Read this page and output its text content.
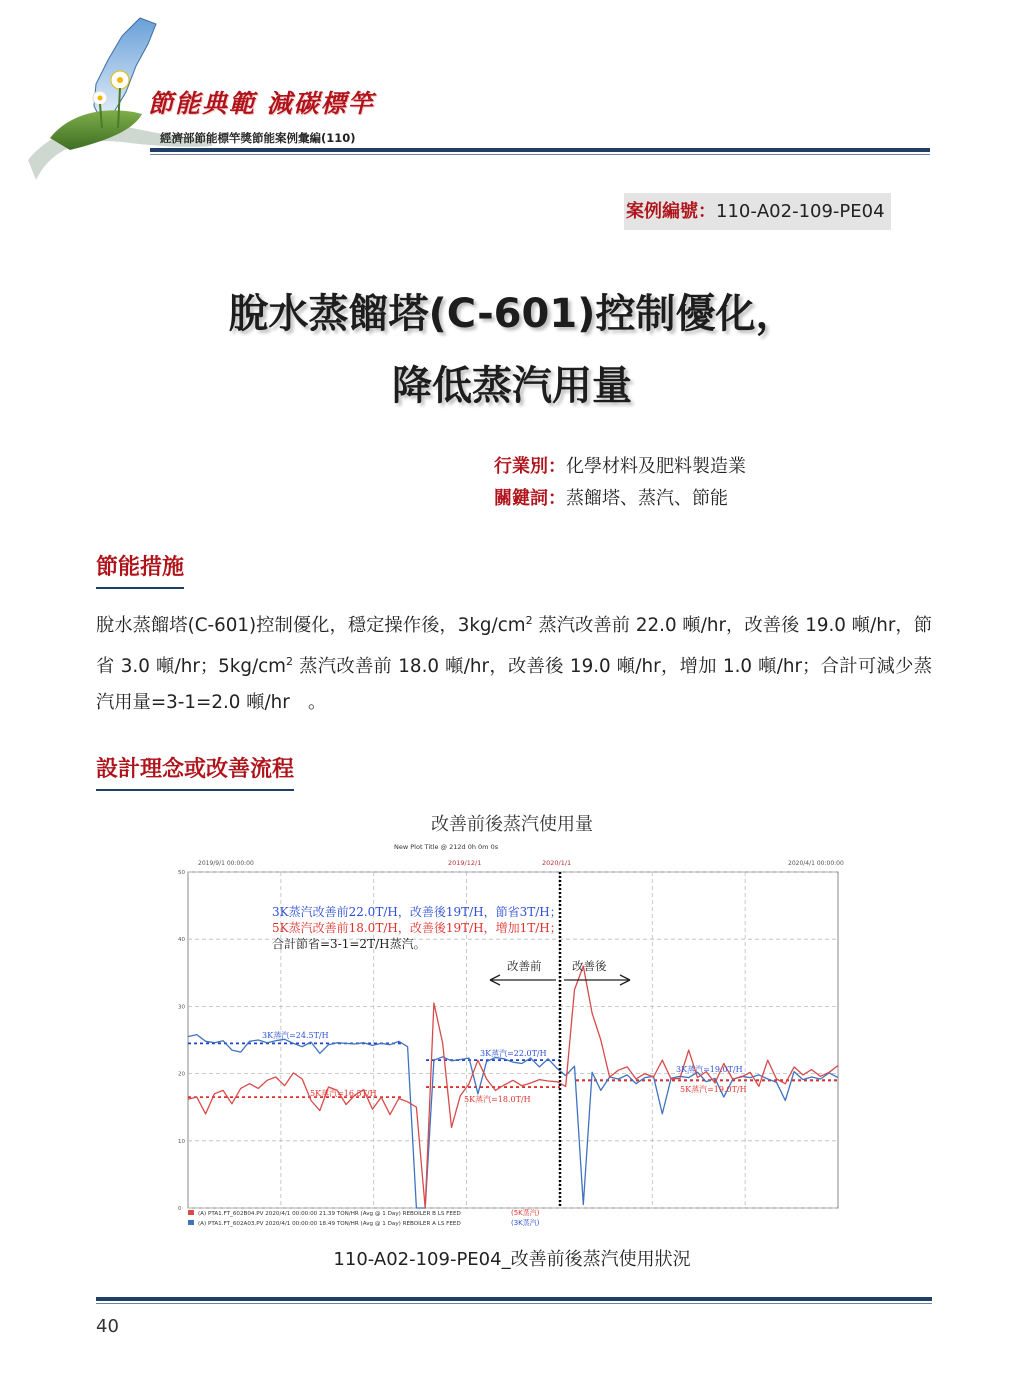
節能典範 減碳標竿
經濟部節能標竿獎節能案例彙編(110)
案例編號：110-A02-109-PE04
脫水蒸餾塔(C-601)控制優化，
降低蒸汽用量
行業別：化學材料及肥料製造業
關鍵詞：蒸餾塔、蒸汽、節能
節能措施
脫水蒸餾塔(C-601)控制優化，穩定操作後，$3kg/cm^2$ 蒸汽改善前 22.0 噸/hr，改善後 19.0 噸/hr，節省 3.0 噸/hr；$5kg/cm^2$ 蒸汽改善前 18.0 噸/hr，改善後 19.0 噸/hr，增加 1.0 噸/hr；合計可減少蒸汽用量=3-1=2.0 噸/hr　。
設計理念或改善流程
改善前後蒸汽使用量
New Plot Title @ 212d 0h 0m 0s
2019/9/1 00:00:00	2019/12/1	2020/1/1	2020/4/1 00:00:00
50
40
30
20
10
0
3K蒸汽改善前22.0T/H，改善後19T/H，節省3T/H；
5K蒸汽改善前18.0T/H，改善後19T/H，增加1T/H；
合計節省=3-1=2T/H蒸汽。
改善前	改善後
3K蒸汽=24.5T/H
5K蒸汽=16.5T/H
3K蒸汽=22.0T/H
5K蒸汽=18.0T/H
3K蒸汽=19.0T/H
5K蒸汽=19.0T/H
(A) PTA1.FT_602B04.PV 2020/4/1 00:00:00 21.39 TON/HR (Avg @ 1 Day) REBOILER B LS FEED	(5K蒸汽)
(A) PTA1.FT_602A03.PV 2020/4/1 00:00:00 18.49 TON/HR (Avg @ 1 Day) REBOILER A LS FEED	(3K蒸汽)
110-A02-109-PE04_改善前後蒸汽使用狀況
40
